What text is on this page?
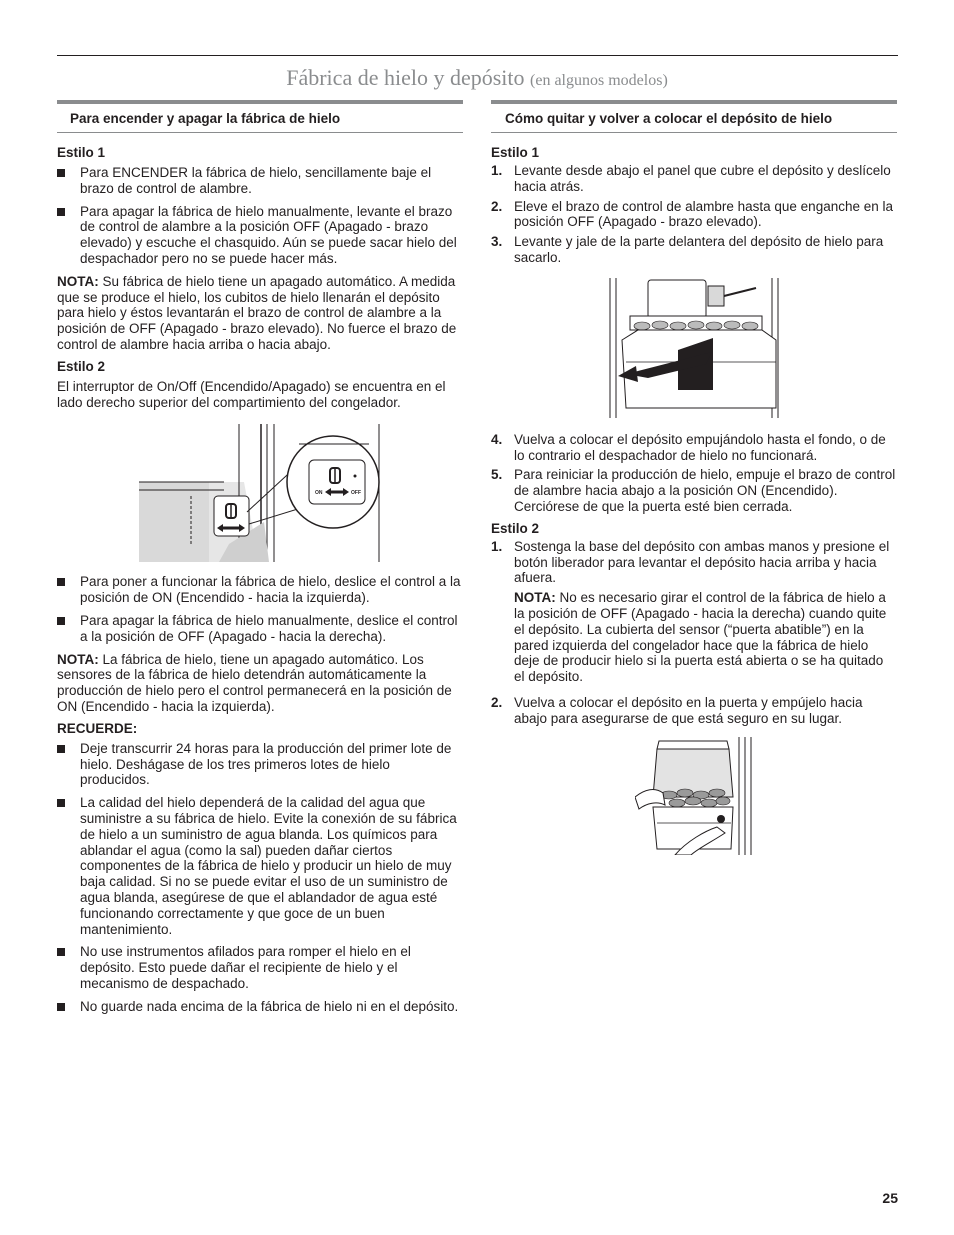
Fábrica de hielo y depósito (en algunos modelos)
Para encender y apagar la fábrica de hielo
Estilo 1
Para ENCENDER la fábrica de hielo, sencillamente baje el brazo de control de alambre.
Para apagar la fábrica de hielo manualmente, levante el brazo de control de alambre a la posición OFF (Apagado - brazo elevado) y escuche el chasquido. Aún se puede sacar hielo del despachador pero no se puede hacer más.

NOTA: Su fábrica de hielo tiene un apagado automático. A medida que se produce el hielo, los cubitos de hielo llenarán el depósito para hielo y éstos levantarán el brazo de control de alambre a la posición de OFF (Apagado - brazo elevado). No fuerce el brazo de control de alambre hacia arriba o hacia abajo.

Estilo 2

El interruptor de On/Off (Encendido/Apagado) se encuentra en el lado derecho superior del compartimiento del congelador.

ON	OFF
Para poner a funcionar la fábrica de hielo, deslice el control a la posición de ON (Encendido - hacia la izquierda).
Para apagar la fábrica de hielo manualmente, deslice el control a la posición de OFF (Apagado - hacia la derecha).

NOTA: La fábrica de hielo, tiene un apagado automático. Los sensores de la fábrica de hielo detendrán automáticamente la producción de hielo pero el control permanecerá en la posición de ON (Encendido - hacia la izquierda).

RECUERDE:
Deje transcurrir 24 horas para la producción del primer lote de hielo. Deshágase de los tres primeros lotes de hielo producidos.
La calidad del hielo dependerá de la calidad del agua que suministre a su fábrica de hielo. Evite la conexión de su fábrica de hielo a un suministro de agua blanda. Los químicos para ablandar el agua (como la sal) pueden dañar ciertos componentes de la fábrica de hielo y producir un hielo de muy baja calidad. Si no se puede evitar el uso de un suministro de agua blanda, asegúrese de que el ablandador de agua esté funcionando correctamente y que goce de un buen mantenimiento.
No use instrumentos afilados para romper el hielo en el depósito. Esto puede dañar el recipiente de hielo y el mecanismo de despachado.
No guarde nada encima de la fábrica de hielo ni en el depósito.
Cómo quitar y volver a colocar el depósito de hielo
Estilo 1
1. Levante desde abajo el panel que cubre el depósito y deslícelo hacia atrás.
2. Eleve el brazo de control de alambre hasta que enganche en la posición OFF (Apagado - brazo elevado).
3. Levante y jale de la parte delantera del depósito de hielo para sacarlo.
4. Vuelva a colocar el depósito empujándolo hasta el fondo, o de lo contrario el despachador de hielo no funcionará.
5. Para reiniciar la producción de hielo, empuje el brazo de control de alambre hacia abajo a la posición ON (Encendido). Cerciórese de que la puerta esté bien cerrada.
Estilo 2
1. Sostenga la base del depósito con ambas manos y presione el botón liberador para levantar el depósito hacia arriba y hacia afuera.
NOTA: No es necesario girar el control de la fábrica de hielo a la posición de OFF (Apagado - hacia la derecha) cuando quite el depósito. La cubierta del sensor (“puerta abatible”) en la pared izquierda del congelador hace que la fábrica de hielo deje de producir hielo si la puerta está abierta o se ha quitado el depósito.
2. Vuelva a colocar el depósito en la puerta y empújelo hacia abajo para asegurarse de que está seguro en su lugar.
25
